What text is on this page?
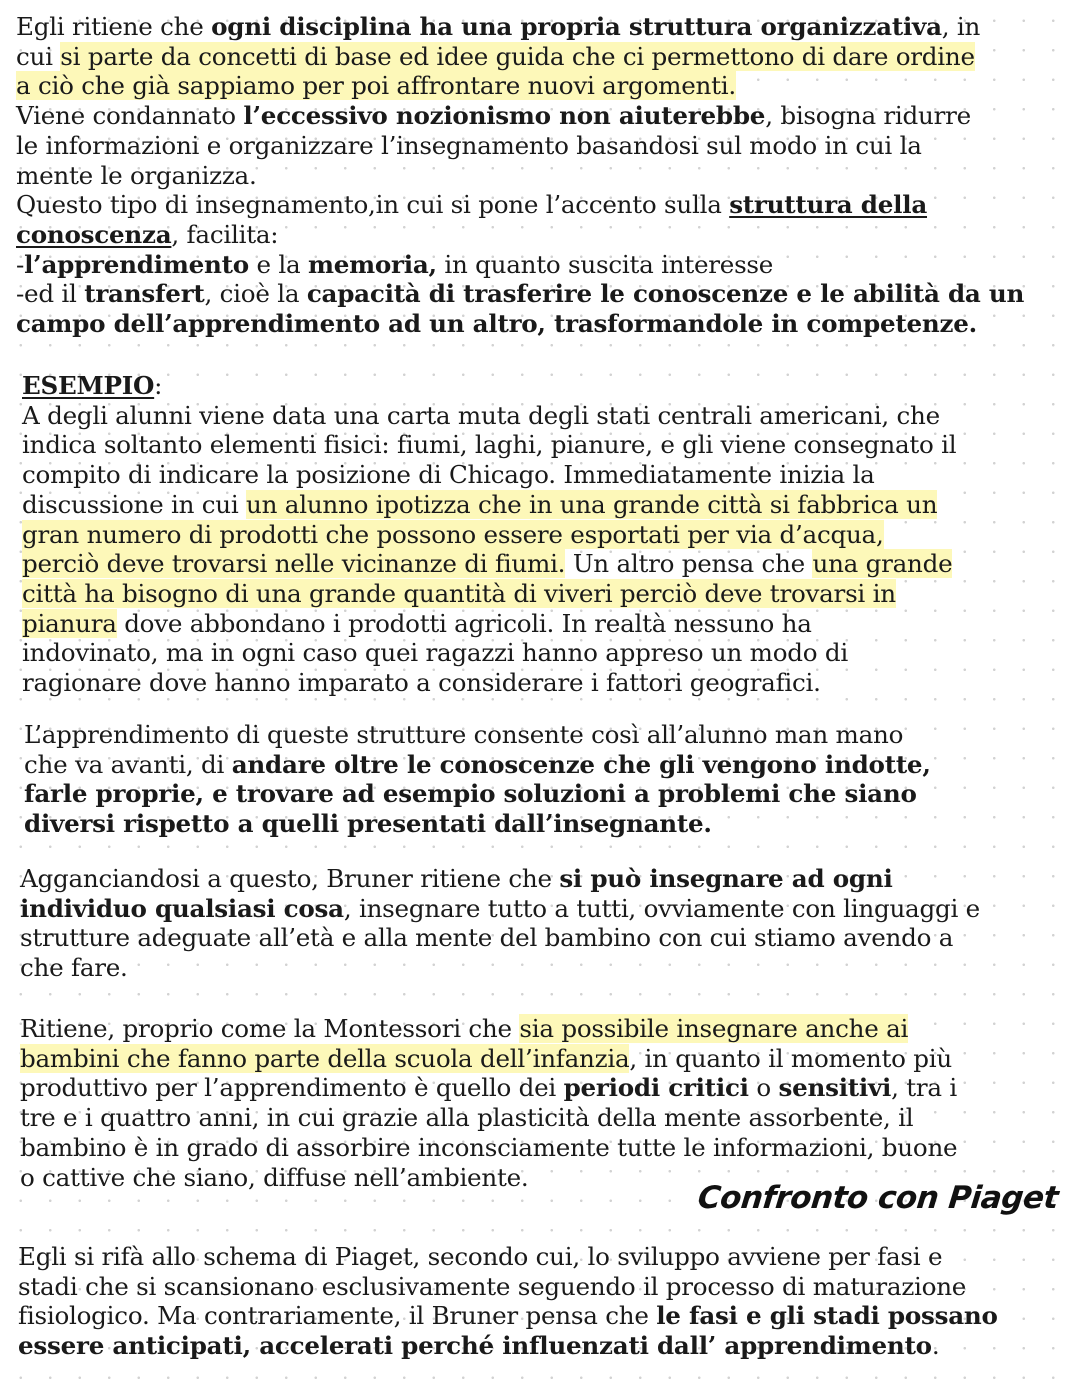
Egli ritiene che ogni disciplina ha una propria struttura organizzativa, in
cui si parte da concetti di base ed idee guida che ci permettono di dare ordine
a ciò che già sappiamo per poi affrontare nuovi argomenti.
Viene condannato l’eccessivo nozionismo non aiuterebbe, bisogna ridurre
le informazioni e organizzare l’insegnamento basandosi sul modo in cui la
mente le organizza.
Questo tipo di insegnamento,in cui si pone l’accento sulla struttura della
conoscenza, facilita:
-l’apprendimento e la memoria, in quanto suscita interesse
-ed il transfert, cioè la capacità di trasferire le conoscenze e le abilità da un
campo dell’apprendimento ad un altro, trasformandole in competenze.
ESEMPIO:
A degli alunni viene data una carta muta degli stati centrali americani, che
indica soltanto elementi fisici: fiumi, laghi, pianure, e gli viene consegnato il
compito di indicare la posizione di Chicago. Immediatamente inizia la
discussione in cui un alunno ipotizza che in una grande città si fabbrica un
gran numero di prodotti che possono essere esportati per via d’acqua,
perciò deve trovarsi nelle vicinanze di fiumi. Un altro pensa che una grande
città ha bisogno di una grande quantità di viveri perciò deve trovarsi in
pianura dove abbondano i prodotti agricoli. In realtà nessuno ha
indovinato, ma in ogni caso quei ragazzi hanno appreso un modo di
ragionare dove hanno imparato a considerare i fattori geografici.
L’apprendimento di queste strutture consente così all’alunno man mano
che va avanti, di andare oltre le conoscenze che gli vengono indotte,
farle proprie, e trovare ad esempio soluzioni a problemi che siano
diversi rispetto a quelli presentati dall’insegnante.
Agganciandosi a questo, Bruner ritiene che si può insegnare ad ogni
individuo qualsiasi cosa, insegnare tutto a tutti, ovviamente con linguaggi e
strutture adeguate all’età e alla mente del bambino con cui stiamo avendo a
che fare.
Ritiene, proprio come la Montessori che sia possibile insegnare anche ai
bambini che fanno parte della scuola dell’infanzia, in quanto il momento più
produttivo per l’apprendimento è quello dei periodi critici o sensitivi, tra i
tre e i quattro anni, in cui grazie alla plasticità della mente assorbente, il
bambino è in grado di assorbire inconsciamente tutte le informazioni, buone
o cattive che siano, diffuse nell’ambiente.
Confronto con Piaget
Egli si rifà allo schema di Piaget, secondo cui, lo sviluppo avviene per fasi e
stadi che si scansionano esclusivamente seguendo il processo di maturazione
fisiologico. Ma contrariamente, il Bruner pensa che le fasi e gli stadi possano
essere anticipati, accelerati perché influenzati dall’ apprendimento.
